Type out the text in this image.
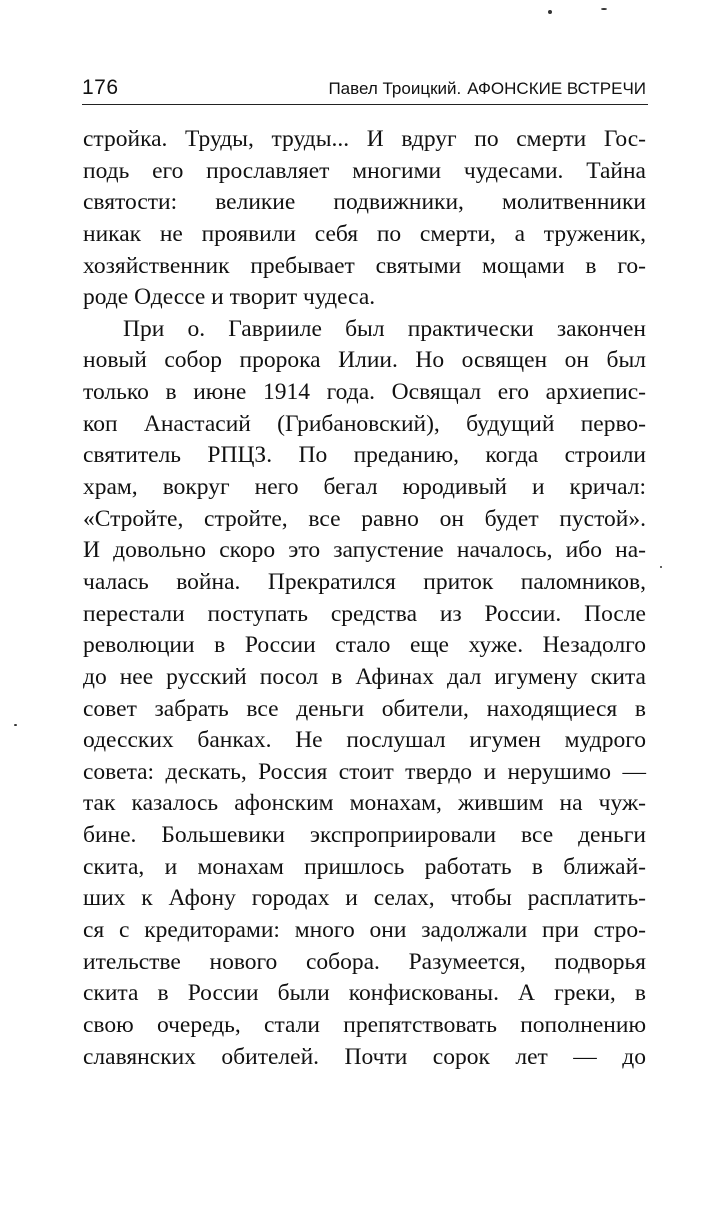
176	Павел Троицкий. АФОНСКИЕ ВСТРЕЧИ
стройка. Труды, труды... И вдруг по смерти Гос-
подь его прославляет многими чудесами. Тайна
святости: великие подвижники, молитвенники
никак не проявили себя по смерти, а труженик,
хозяйственник пребывает святыми мощами в го-
роде Одессе и творит чудеса.
При о. Гаврииле был практически закончен
новый собор пророка Илии. Но освящен он был
только в июне 1914 года. Освящал его архиепис-
коп Анастасий (Грибановский), будущий перво-
святитель РПЦЗ. По преданию, когда строили
храм, вокруг него бегал юродивый и кричал:
«Стройте, стройте, все равно он будет пустой».
И довольно скоро это запустение началось, ибо на-
чалась война. Прекратился приток паломников,
перестали поступать средства из России. После
революции в России стало еще хуже. Незадолго
до нее русский посол в Афинах дал игумену скита
совет забрать все деньги обители, находящиеся в
одесских банках. Не послушал игумен мудрого
совета: дескать, Россия стоит твердо и нерушимо —
так казалось афонским монахам, жившим на чуж-
бине. Большевики экспроприировали все деньги
скита, и монахам пришлось работать в ближай-
ших к Афону городах и селах, чтобы расплатить-
ся с кредиторами: много они задолжали при стро-
ительстве нового собора. Разумеется, подворья
скита в России были конфискованы. А греки, в
свою очередь, стали препятствовать пополнению
славянских обителей. Почти сорок лет — до
